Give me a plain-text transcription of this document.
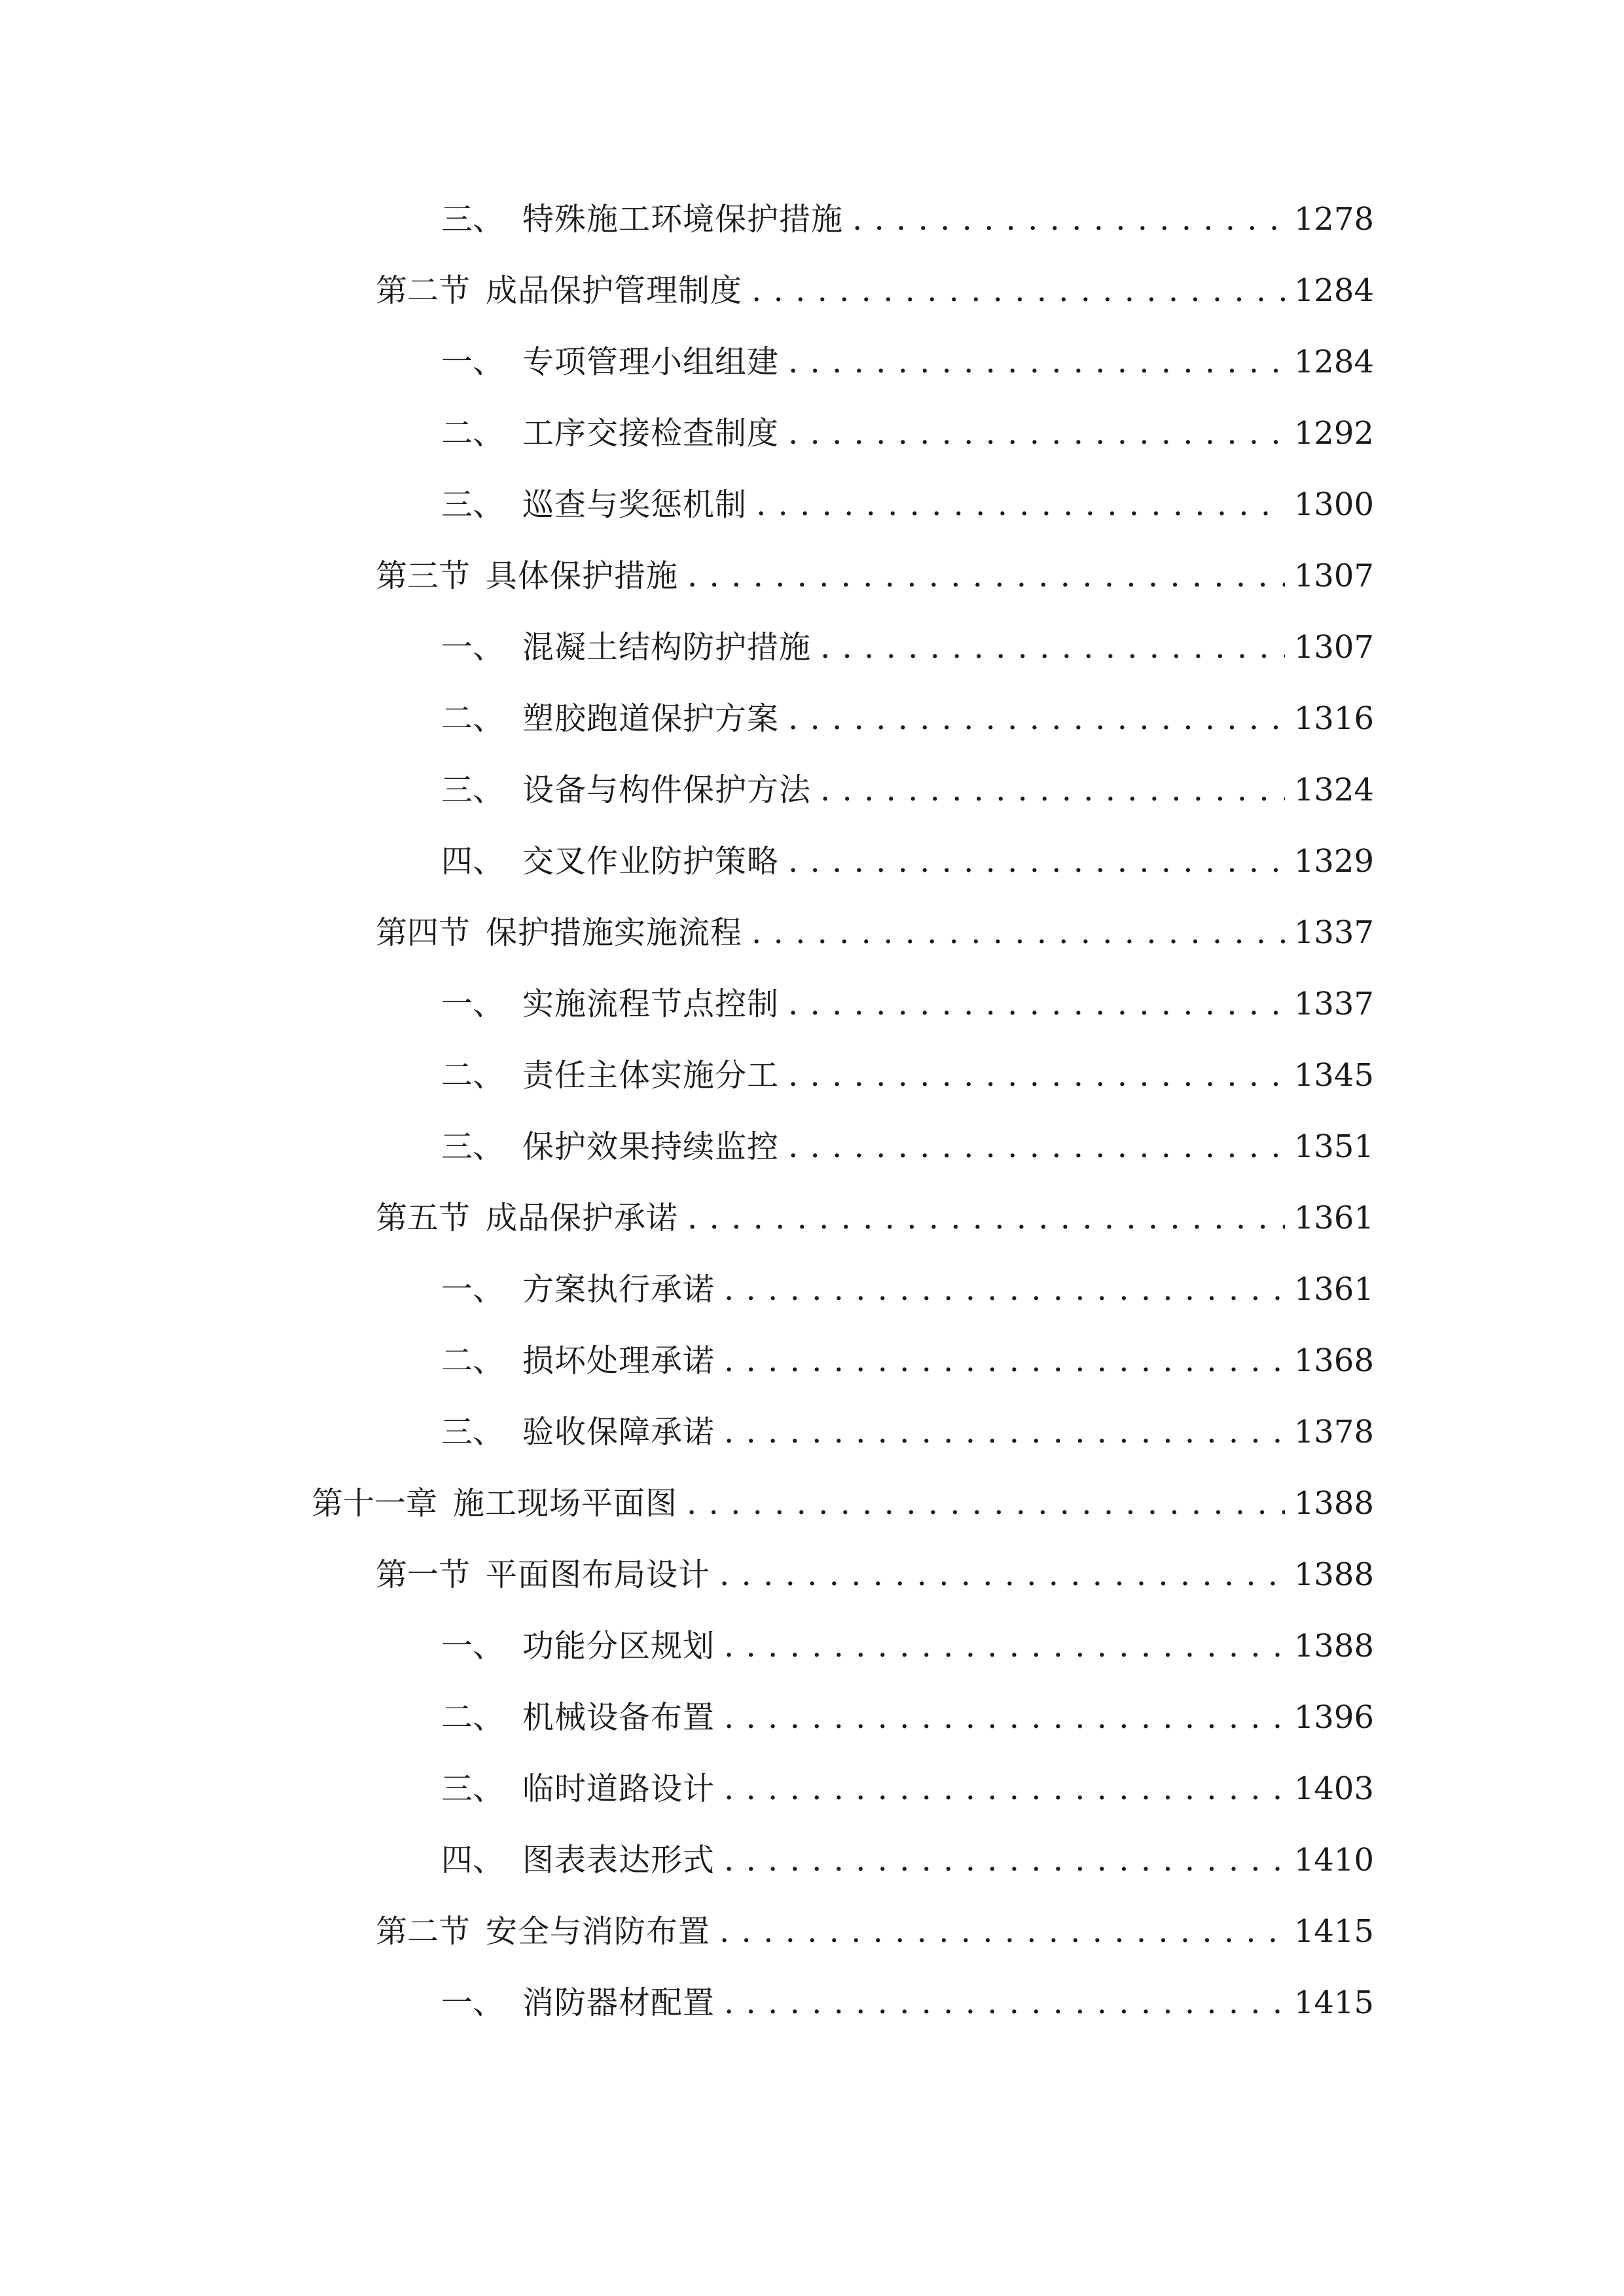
三、 特殊施工环境保护措施 . . .	1278
第二节 成品保护管理制度 . . .	1284
一、 专项管理小组组建 . . .	1284
二、 工序交接检查制度 . . .	1292
三、 巡查与奖惩机制 . . .	1300
第三节 具体保护措施 . . .	1307
一、 混凝土结构防护措施 . . .	1307
二、 塑胶跑道保护方案 . . .	1316
三、 设备与构件保护方法 . . .	1324
四、 交叉作业防护策略 . . .	1329
第四节 保护措施实施流程 . . .	1337
一、 实施流程节点控制 . . .	1337
二、 责任主体实施分工 . . .	1345
三、 保护效果持续监控 . . .	1351
第五节 成品保护承诺 . . .	1361
一、 方案执行承诺 . . .	1361
二、 损坏处理承诺 . . .	1368
三、 验收保障承诺 . . .	1378
第十一章 施工现场平面图 . . .	1388
第一节 平面图布局设计 . . .	1388
一、 功能分区规划 . . .	1388
二、 机械设备布置 . . .	1396
三、 临时道路设计 . . .	1403
四、 图表表达形式 . . .	1410
第二节 安全与消防布置 . . .	1415
一、 消防器材配置 . . .	1415
